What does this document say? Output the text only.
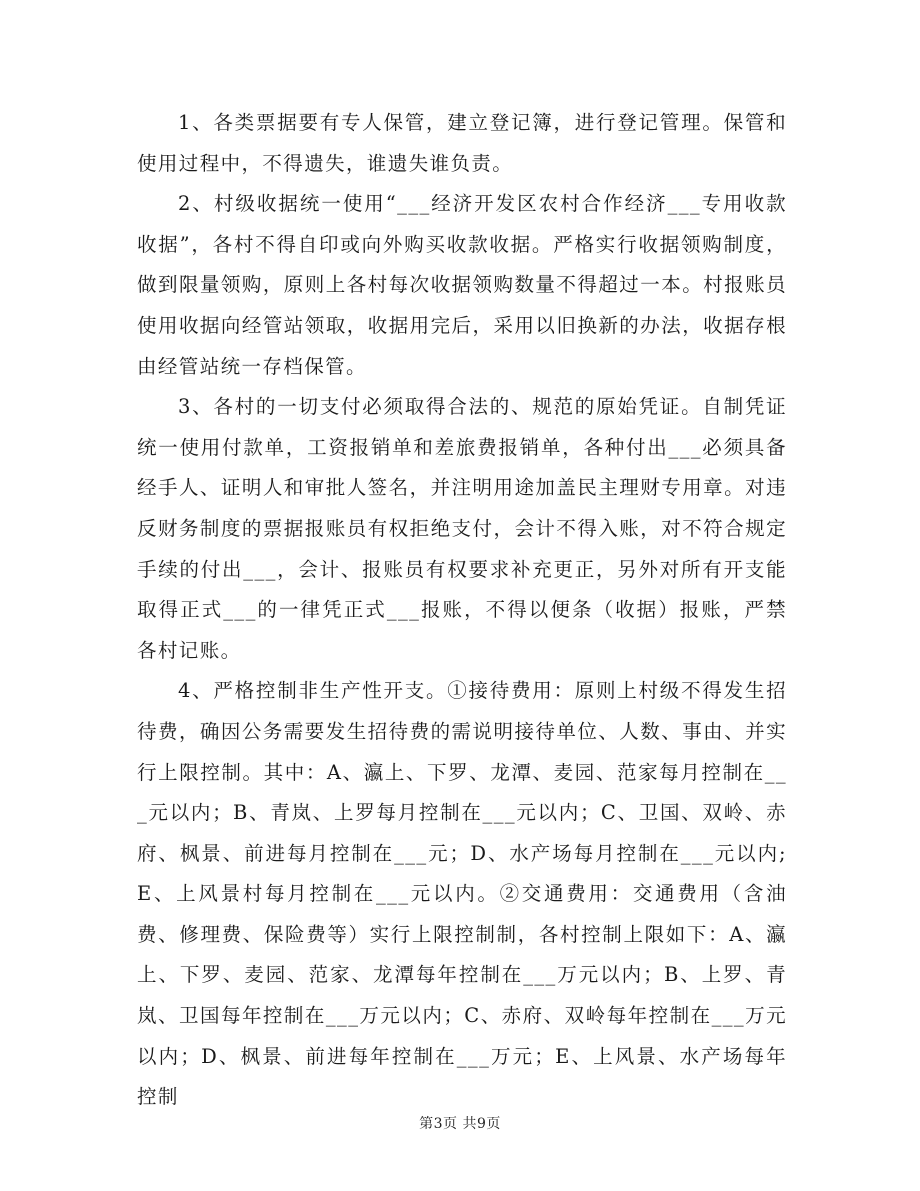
1、各类票据要有专人保管，建立登记簿，进行登记管理。保管和使用过程中，不得遗失，谁遗失谁负责。

2、村级收据统一使用“___经济开发区农村合作经济___专用收款收据”，各村不得自印或向外购买收款收据。严格实行收据领购制度，做到限量领购，原则上各村每次收据领购数量不得超过一本。村报账员使用收据向经管站领取，收据用完后，采用以旧换新的办法，收据存根由经管站统一存档保管。

3、各村的一切支付必须取得合法的、规范的原始凭证。自制凭证统一使用付款单，工资报销单和差旅费报销单，各种付出___必须具备经手人、证明人和审批人签名，并注明用途加盖民主理财专用章。对违反财务制度的票据报账员有权拒绝支付，会计不得入账，对不符合规定手续的付出___，会计、报账员有权要求补充更正，另外对所有开支能取得正式___的一律凭正式___报账，不得以便条（收据）报账，严禁各村记账。

4、严格控制非生产性开支。①接待费用：原则上村级不得发生招待费，确因公务需要发生招待费的需说明接待单位、人数、事由、并实行上限控制。其中：A、瀛上、下罗、龙潭、麦园、范家每月控制在___元以内；B、青岚、上罗每月控制在___元以内；C、卫国、双岭、赤府、枫景、前进每月控制在___元；D、水产场每月控制在___元以内;E、上风景村每月控制在___元以内。②交通费用：交通费用（含油费、修理费、保险费等）实行上限控制制，各村控制上限如下：A、瀛上、下罗、麦园、范家、龙潭每年控制在___万元以内；B、上罗、青岚、卫国每年控制在___万元以内；C、赤府、双岭每年控制在___万元以内；D、枫景、前进每年控制在___万元；E、上风景、水产场每年控制

第3页 共9页
